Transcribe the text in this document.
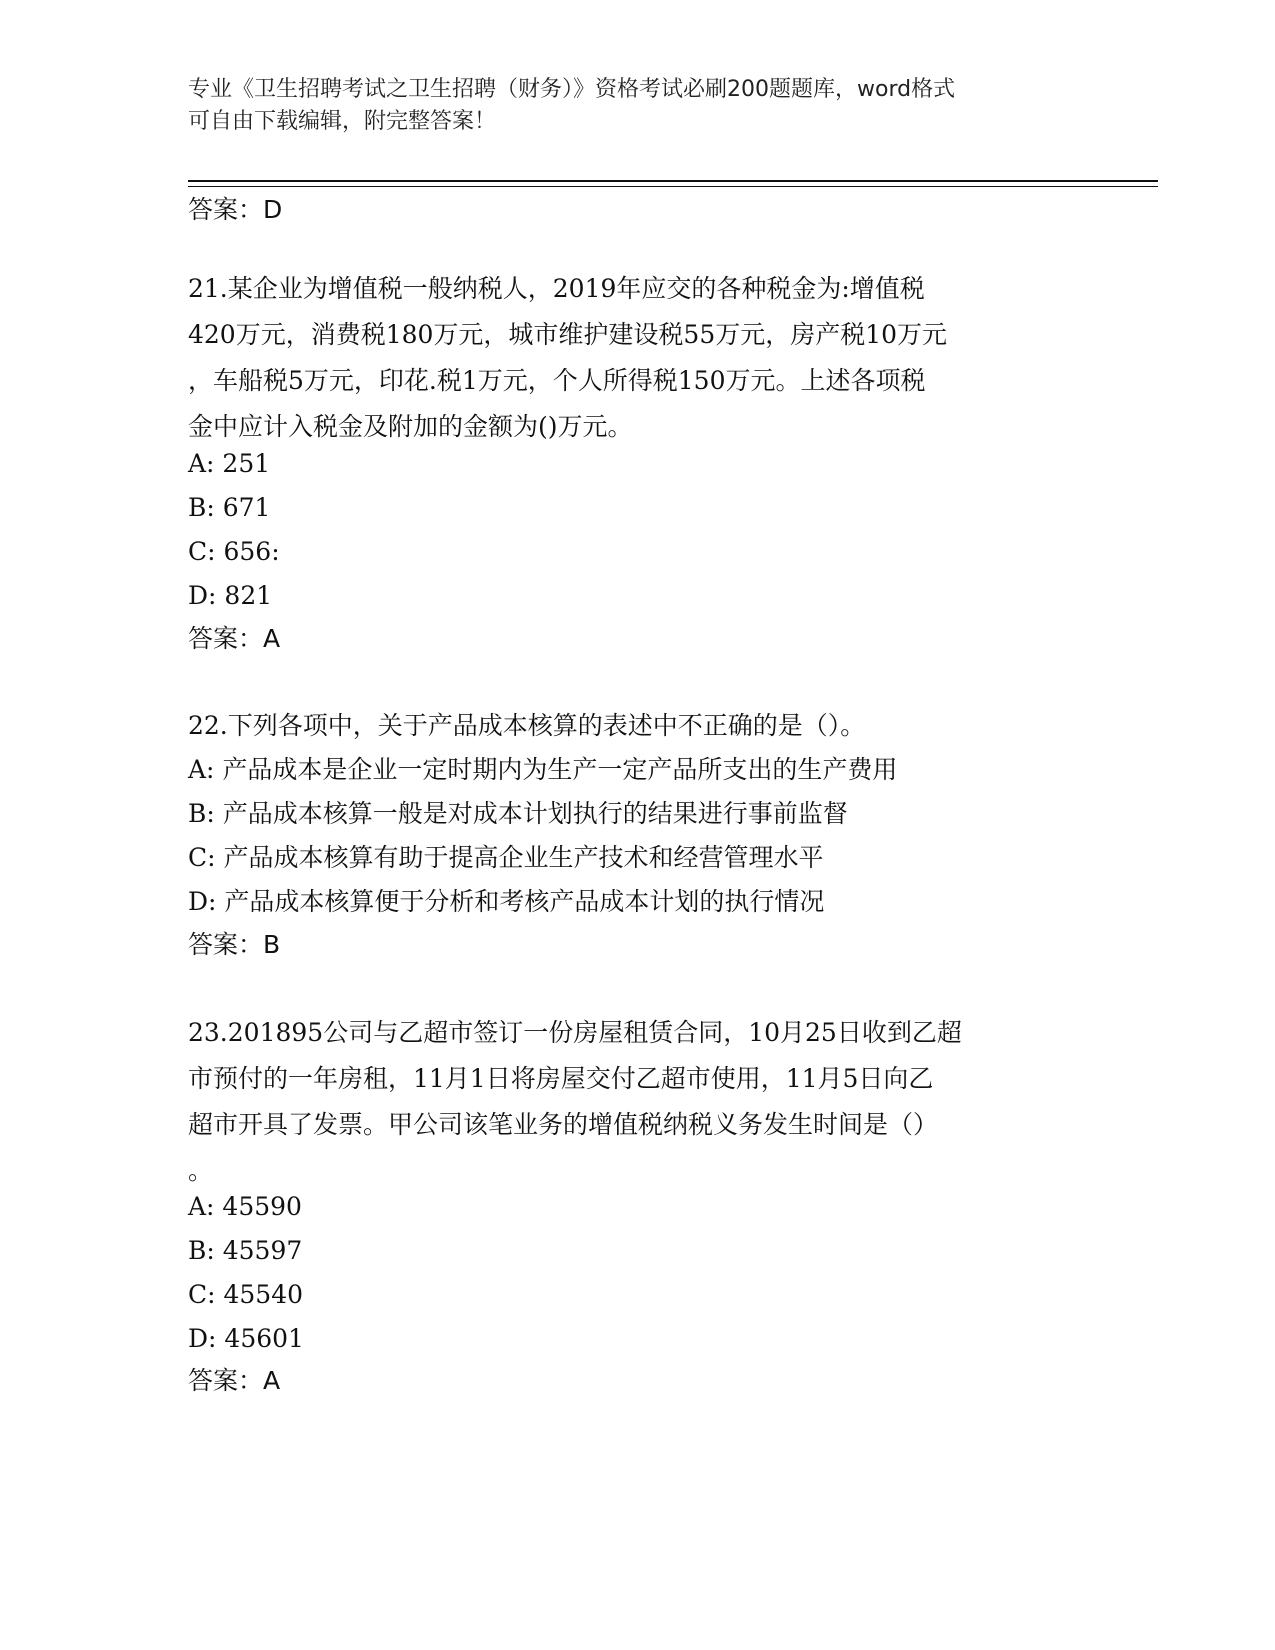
专业《卫生招聘考试之卫生招聘（财务）》资格考试必刷200题题库，word格式
可自由下载编辑，附完整答案！
答案：D
21.某企业为增值税一般纳税人，2019年应交的各种税金为:增值税
420万元，消费税180万元，城市维护建设税55万元，房产税10万元
，车船税5万元，印花.税1万元，个人所得税150万元。上述各项税
金中应计入税金及附加的金额为()万元。
A: 251
B: 671
C: 656:
D: 821
答案：A
22.下列各项中，关于产品成本核算的表述中不正确的是（）。
A: 产品成本是企业一定时期内为生产一定产品所支出的生产费用
B: 产品成本核算一般是对成本计划执行的结果进行事前监督
C: 产品成本核算有助于提高企业生产技术和经营管理水平
D: 产品成本核算便于分析和考核产品成本计划的执行情况
答案：B
23.201895公司与乙超市签订一份房屋租赁合同，10月25日收到乙超
市预付的一年房租，11月1日将房屋交付乙超市使用，11月5日向乙
超市开具了发票。甲公司该笔业务的增值税纳税义务发生时间是（）
。
A: 45590
B: 45597
C: 45540
D: 45601
答案：A
